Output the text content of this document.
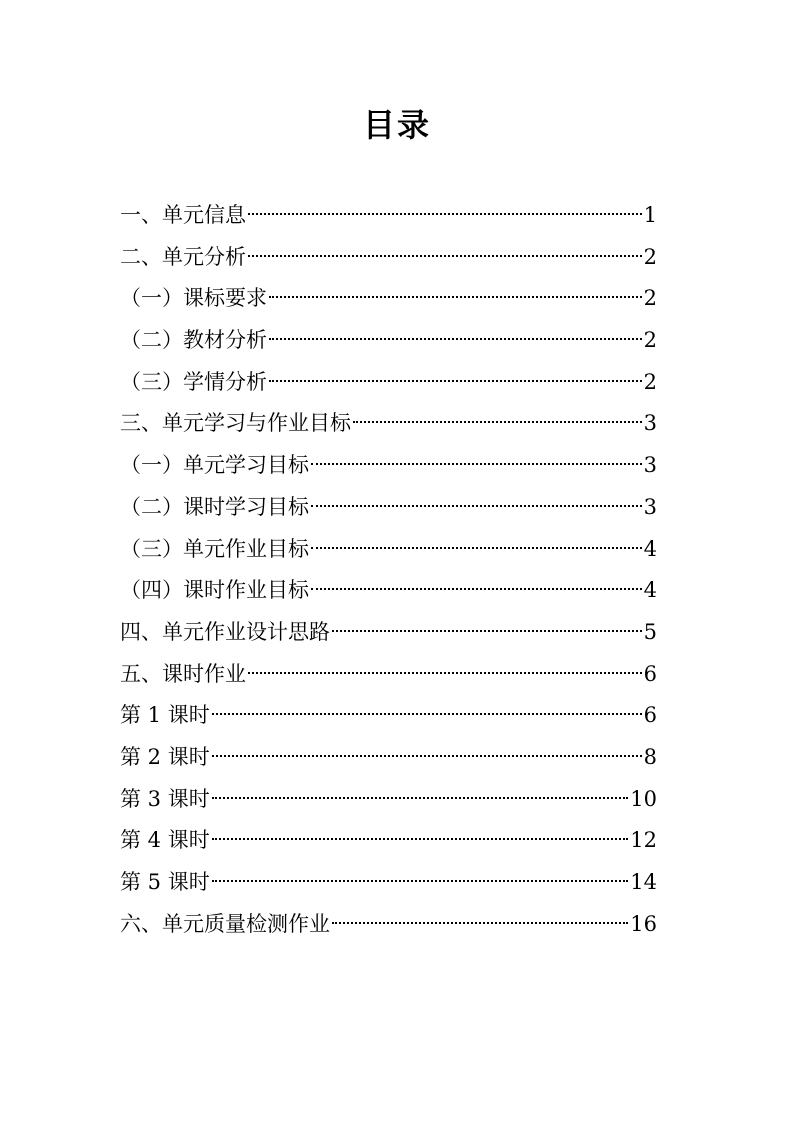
目录
一、单元信息	1
二、单元分析	2
（一）课标要求	2
（二）教材分析	2
（三）学情分析	2
三、单元学习与作业目标	3
（一）单元学习目标	3
（二）课时学习目标	3
（三）单元作业目标	4
（四）课时作业目标	4
四、单元作业设计思路	5
五、课时作业	6
第 1 课时	6
第 2 课时	8
第 3 课时	10
第 4 课时	12
第 5 课时	14
六、单元质量检测作业	16
